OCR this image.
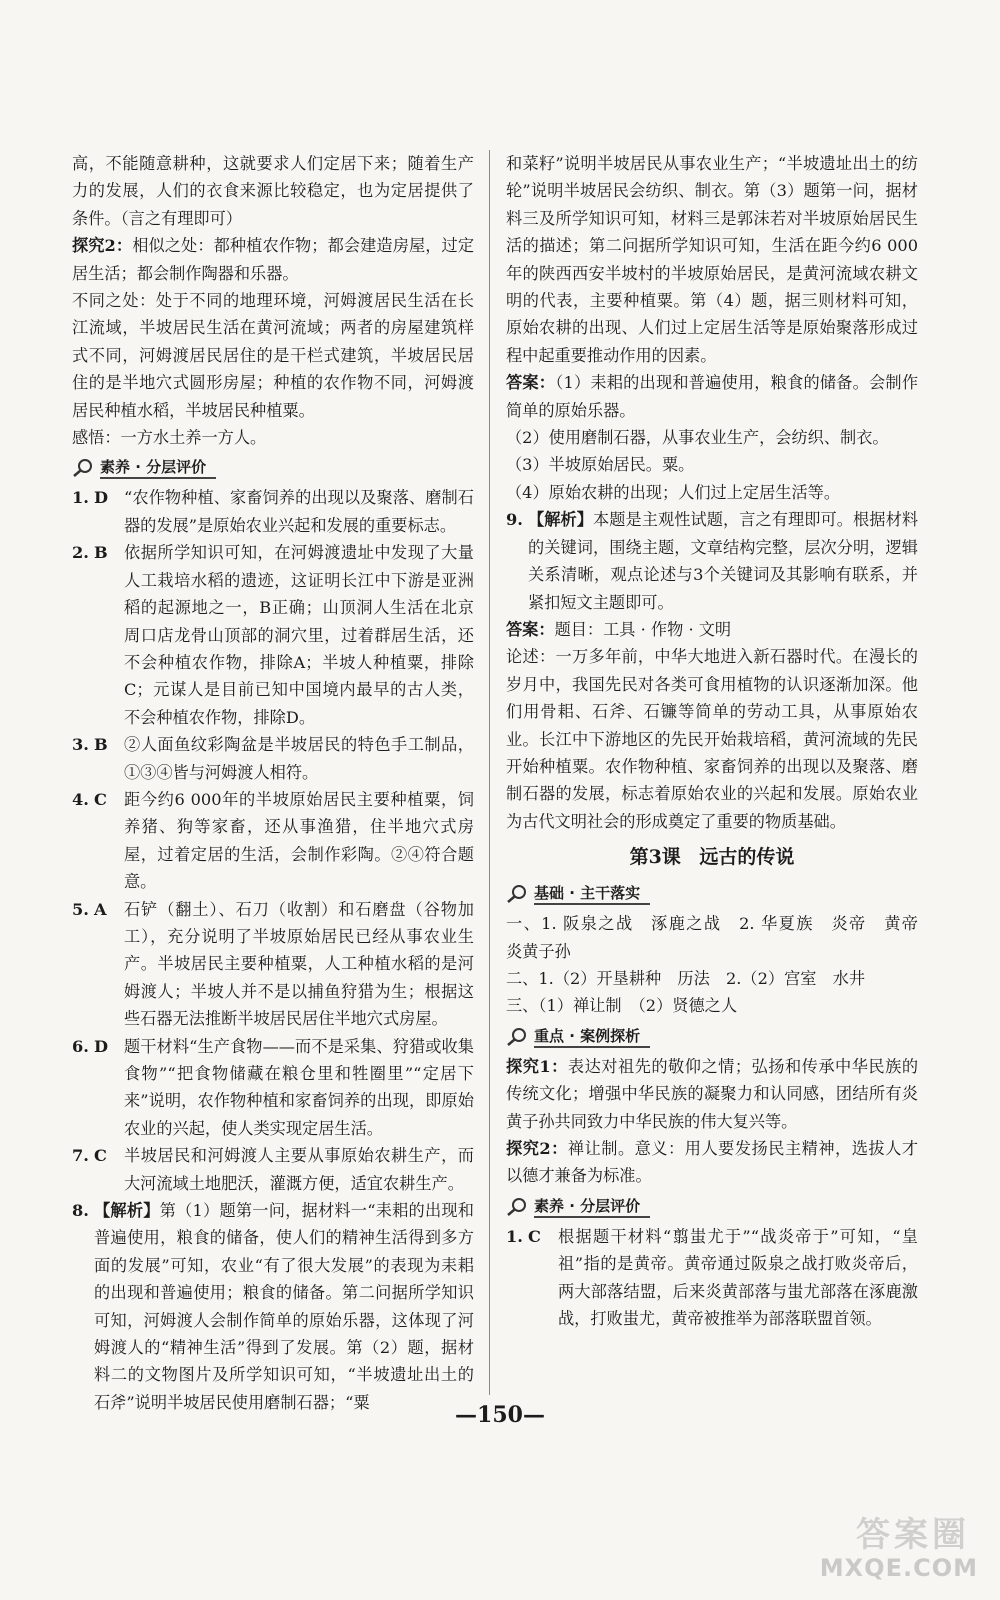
高，不能随意耕种，这就要求人们定居下来；随着生产力的发展，人们的衣食来源比较稳定，也为定居提供了条件。（言之有理即可）

探究2：相似之处：都种植农作物；都会建造房屋，过定居生活；都会制作陶器和乐器。

不同之处：处于不同的地理环境，河姆渡居民生活在长江流域，半坡居民生活在黄河流域；两者的房屋建筑样式不同，河姆渡居民居住的是干栏式建筑，半坡居民居住的是半地穴式圆形房屋；种植的农作物不同，河姆渡居民种植水稻，半坡居民种植粟。

感悟：一方水土养一方人。

素养 · 分层评价
1. D “农作物种植、家畜饲养的出现以及聚落、磨制石器的发展”是原始农业兴起和发展的重要标志。
2. B	依据所学知识可知，在河姆渡遗址中发现了大量人工栽培水稻的遗迹，这证明长江中下游是亚洲稻的起源地之一，B正确；山顶洞人生活在北京周口店龙骨山顶部的洞穴里，过着群居生活，还不会种植农作物，排除A；半坡人种植粟，排除C；元谋人是目前已知中国境内最早的古人类，不会种植农作物，排除D。
3. B	②人面鱼纹彩陶盆是半坡居民的特色手工制品，①③④皆与河姆渡人相符。
4. C	距今约6 000年的半坡原始居民主要种植粟，饲养猪、狗等家畜，还从事渔猎，住半地穴式房屋，过着定居的生活，会制作彩陶。②④符合题意。
5. A	石铲（翻土）、石刀（收割）和石磨盘（谷物加工），充分说明了半坡原始居民已经从事农业生产。半坡居民主要种植粟，人工种植水稻的是河姆渡人；半坡人并不是以捕鱼狩猎为生；根据这些石器无法推断半坡居民居住半地穴式房屋。
6. D 题干材料“生产食物——而不是采集、狩猎或收集食物”“把食物储藏在粮仓里和牲圈里”“定居下来”说明，农作物种植和家畜饲养的出现，即原始农业的兴起，使人类实现定居生活。
7. C	半坡居民和河姆渡人主要从事原始农耕生产，而大河流域土地肥沃，灌溉方便，适宜农耕生产。
8. 【解析】第（1）题第一问，据材料一“耒耜的出现和普遍使用，粮食的储备，使人们的精神生活得到多方面的发展”可知，农业“有了很大发展”的表现为耒耜的出现和普遍使用；粮食的储备。第二问据所学知识可知，河姆渡人会制作简单的原始乐器，这体现了河姆渡人的“精神生活”得到了发展。第（2）题，据材料二的文物图片及所学知识可知，“半坡遗址出土的石斧”说明半坡居民使用磨制石器；“粟

和菜籽”说明半坡居民从事农业生产；“半坡遗址出土的纺轮”说明半坡居民会纺织、制衣。第（3）题第一问，据材料三及所学知识可知，材料三是郭沫若对半坡原始居民生活的描述；第二问据所学知识可知，生活在距今约6 000年的陕西西安半坡村的半坡原始居民，是黄河流域农耕文明的代表，主要种植粟。第（4）题，据三则材料可知，原始农耕的出现、人们过上定居生活等是原始聚落形成过程中起重要推动作用的因素。

答案：（1）耒耜的出现和普遍使用，粮食的储备。会制作简单的原始乐器。

（2）使用磨制石器，从事农业生产，会纺织、制衣。

（3）半坡原始居民。粟。

（4）原始农耕的出现；人们过上定居生活等。

9. 【解析】本题是主观性试题，言之有理即可。根据材料的关键词，围绕主题，文章结构完整，层次分明，逻辑关系清晰，观点论述与3个关键词及其影响有联系，并紧扣短文主题即可。

答案：题目：工具 · 作物 · 文明

论述：一万多年前，中华大地进入新石器时代。在漫长的岁月中，我国先民对各类可食用植物的认识逐渐加深。他们用骨耜、石斧、石镰等简单的劳动工具，从事原始农业。长江中下游地区的先民开始栽培稻，黄河流域的先民开始种植粟。农作物种植、家畜饲养的出现以及聚落、磨制石器的发展，标志着原始农业的兴起和发展。原始农业为古代文明社会的形成奠定了重要的物质基础。

第3课 远古的传说
基础 · 主干落实

一、1. 阪泉之战　涿鹿之战　2. 华夏族　炎帝　黄帝　炎黄子孙

二、1.（2）开垦耕种　历法　2.（2）宫室　水井

三、（1）禅让制　（2）贤德之人

重点 · 案例探析

探究1：表达对祖先的敬仰之情；弘扬和传承中华民族的传统文化；增强中华民族的凝聚力和认同感，团结所有炎黄子孙共同致力中华民族的伟大复兴等。

探究2：禅让制。意义：用人要发扬民主精神，选拔人才以德才兼备为标准。

素养 · 分层评价
1. C	根据题干材料“翦蚩尤于”“战炎帝于”可知，“皇祖”指的是黄帝。黄帝通过阪泉之战打败炎帝后，两大部落结盟，后来炎黄部落与蚩尤部落在涿鹿激战，打败蚩尤，黄帝被推举为部落联盟首领。
—150—
答案圈
MXQE.COM
